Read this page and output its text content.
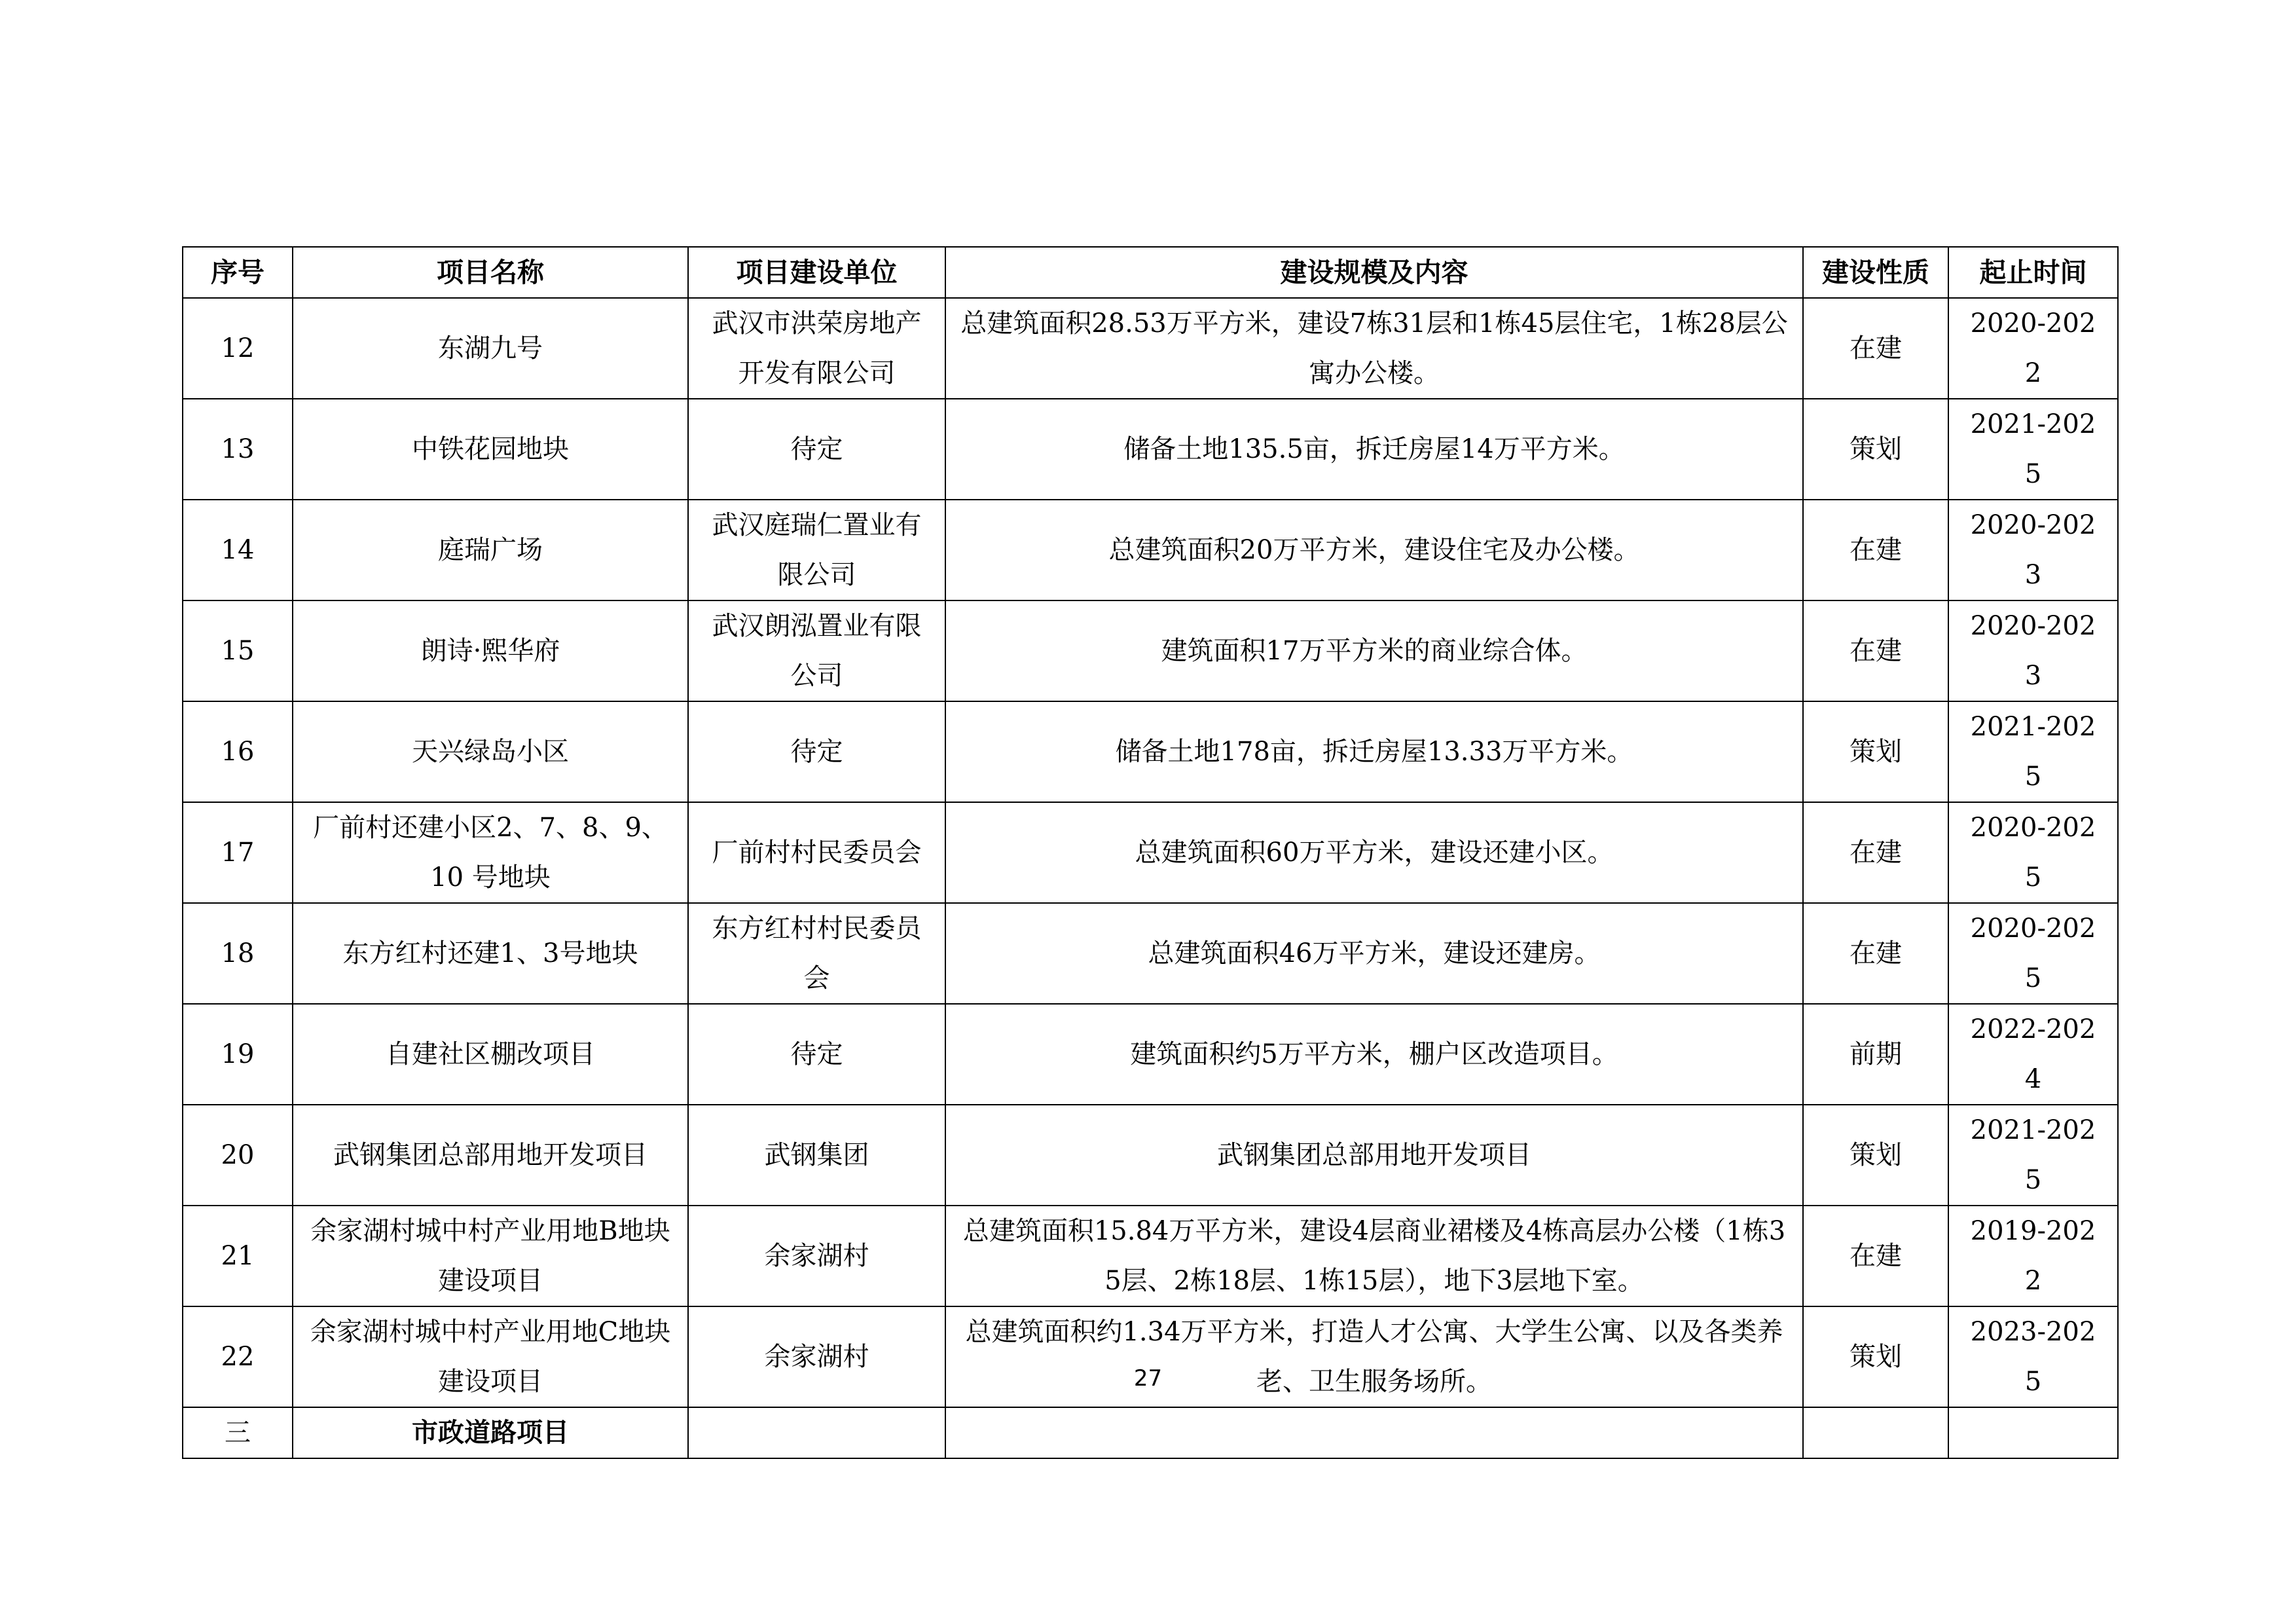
序号	项目名称	项目建设单位	建设规模及内容	建设性质	起止时间
12	东湖九号	武汉市洪荣房地产开发有限公司	总建筑面积28.53万平方米，建设7栋31层和1栋45层住宅，1栋28层公寓办公楼。	在建	2020-2022
13	中铁花园地块	待定	储备土地135.5亩，拆迁房屋14万平方米。	策划	2021-2025
14	庭瑞广场	武汉庭瑞仁置业有限公司	总建筑面积20万平方米，建设住宅及办公楼。	在建	2020-2023
15	朗诗·熙华府	武汉朗泓置业有限公司	建筑面积17万平方米的商业综合体。	在建	2020-2023
16	天兴绿岛小区	待定	储备土地178亩，拆迁房屋13.33万平方米。	策划	2021-2025
17	厂前村还建小区2、7、8、9、10 号地块	厂前村村民委员会	总建筑面积60万平方米，建设还建小区。	在建	2020-2025
18	东方红村还建1、3号地块	东方红村村民委员会	总建筑面积46万平方米，建设还建房。	在建	2020-2025
19	自建社区棚改项目	待定	建筑面积约5万平方米，棚户区改造项目。	前期	2022-2024
20	武钢集团总部用地开发项目	武钢集团	武钢集团总部用地开发项目	策划	2021-2025
21	余家湖村城中村产业用地B地块建设项目	余家湖村	总建筑面积15.84万平方米，建设4层商业裙楼及4栋高层办公楼（1栋35层、2栋18层、1栋15层），地下3层地下室。	在建	2019-2022
22	余家湖村城中村产业用地C地块建设项目	余家湖村	总建筑面积约1.34万平方米，打造人才公寓、大学生公寓、以及各类养老、卫生服务场所。	策划	2023-2025
三	市政道路项目				
27
